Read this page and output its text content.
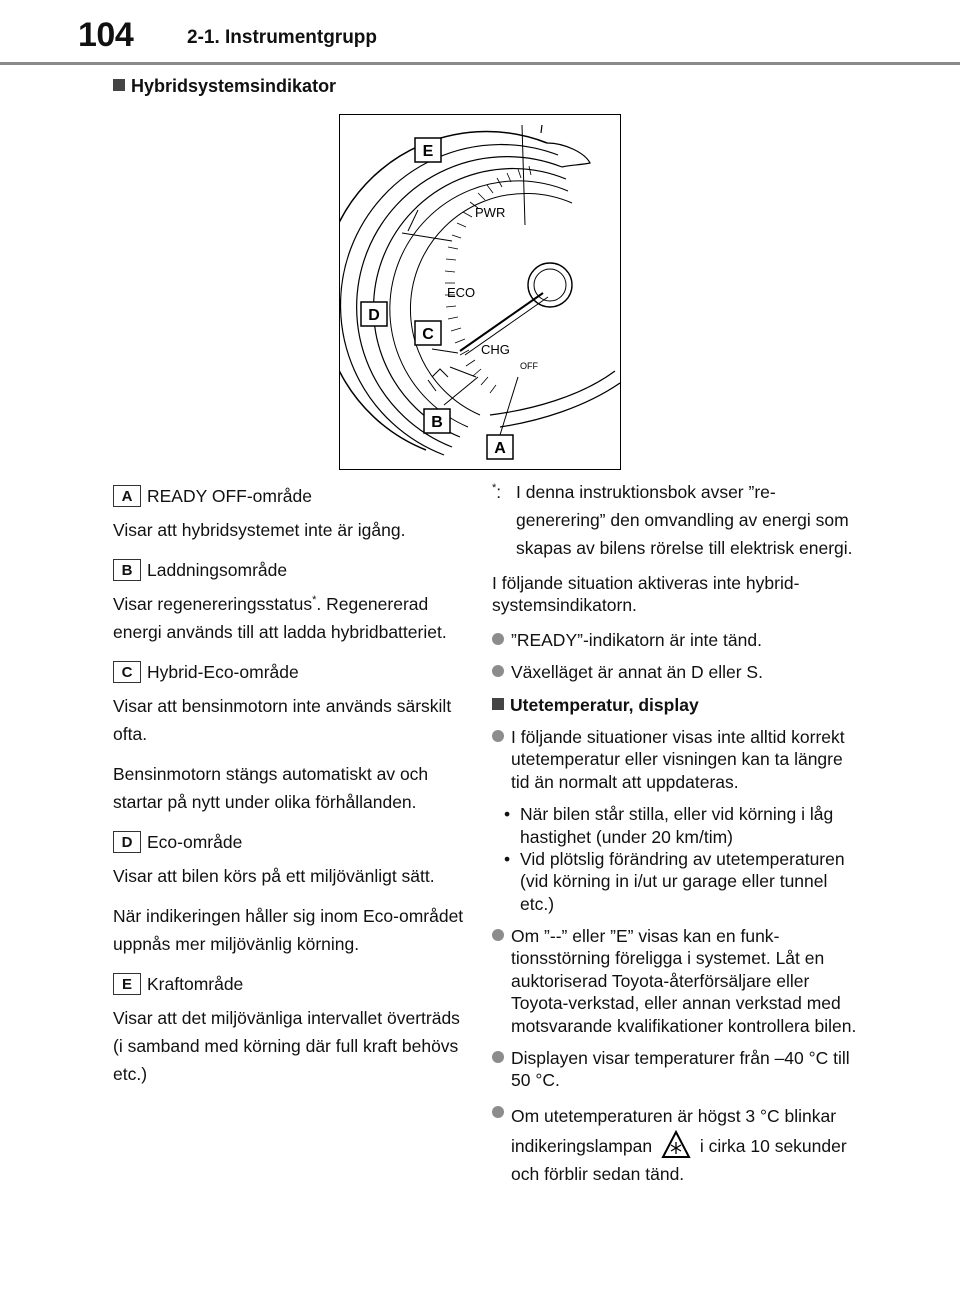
104	2-1. Instrumentgrupp
Hybridsystemsindikator
PWR
ECO
CHG
OFF
E
D
C
B
A
A READY OFF-område

Visar att hybridsystemet inte är igång.

B Laddningsområde

Visar regenereringsstatus*. Regenererad energi används till att ladda hybridbatteriet.

C Hybrid-Eco-område

Visar att bensinmotorn inte används särskilt ofta.

Bensinmotorn stängs automatiskt av och startar på nytt under olika förhållanden.

D Eco-område

Visar att bilen körs på ett miljövänligt sätt.

När indikeringen håller sig inom Eco-området uppnås mer miljövänlig körning.

E Kraftområde

Visar att det miljövänliga intervallet överträds (i samband med körning där full kraft behövs etc.)

*: I denna instruktionsbok avser ”regenerering” den omvandling av energi som skapas av bilens rörelse till elektrisk energi.

I följande situation aktiveras inte hybridsystemsindikatorn.

”READY”-indikatorn är inte tänd.
Växelläget är annat än D eller S.
Utetemperatur, display
I följande situationer visas inte alltid korrekt utetemperatur eller visningen kan ta längre tid än normalt att uppdateras.
• När bilen står stilla, eller vid körning i låg hastighet (under 20 km/tim)
• Vid plötslig förändring av utetemperaturen (vid körning in i/ut ur garage eller tunnel etc.)
Om ”--” eller ”E” visas kan en funktionsstörning föreligga i systemet. Låt en auktoriserad Toyota-återförsäljare eller Toyota-verkstad, eller annan verkstad med motsvarande kvalifikationer kontrollera bilen.
Displayen visar temperaturer från –40 °C till 50 °C.
Om utetemperaturen är högst 3 °C blinkar indikeringslampan	i cirka 10 sekunder och förblir sedan tänd.
